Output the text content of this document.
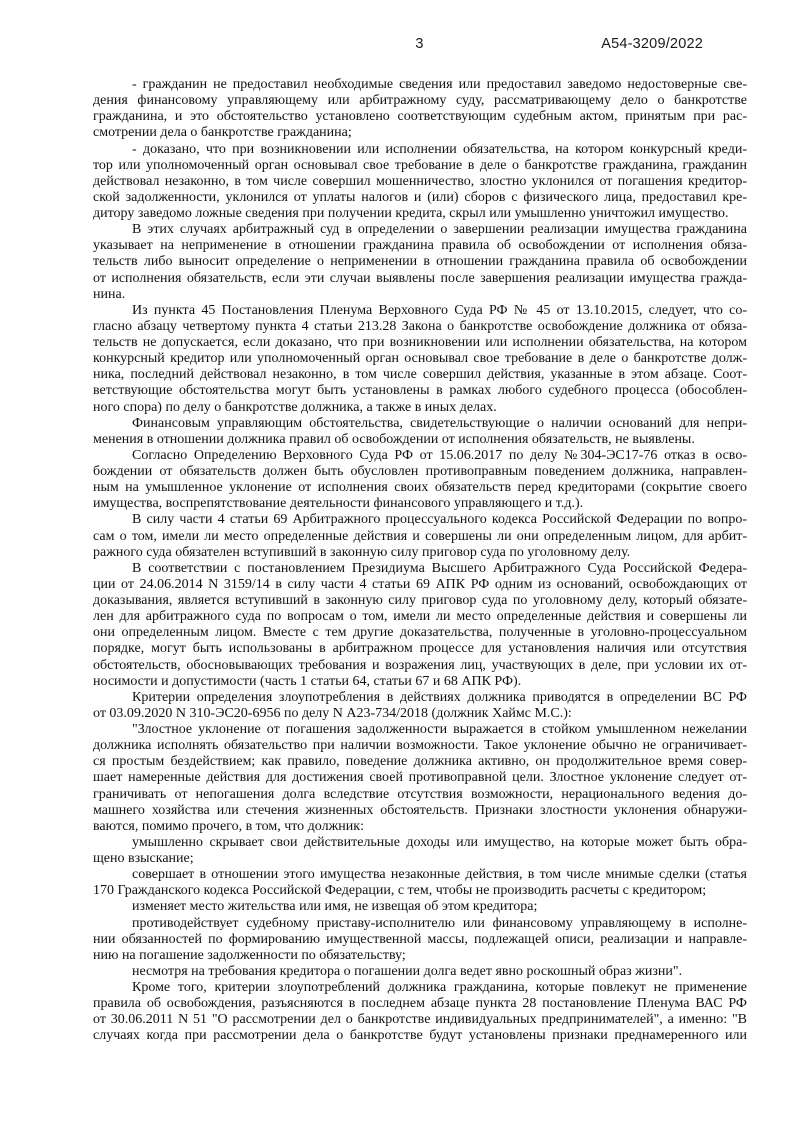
3	А54-3209/2022
- гражданин не предоставил необходимые сведения или предоставил заведомо недостоверные све-
дения финансовому управляющему или арбитражному суду, рассматривающему дело о банкротстве
гражданина, и это обстоятельство установлено соответствующим судебным актом, принятым при рас-
смотрении дела о банкротстве гражданина;
- доказано, что при возникновении или исполнении обязательства, на котором конкурсный креди-
тор или уполномоченный орган основывал свое требование в деле о банкротстве гражданина, гражданин
действовал незаконно, в том числе совершил мошенничество, злостно уклонился от погашения кредитор-
ской задолженности, уклонился от уплаты налогов и (или) сборов с физического лица, предоставил кре-
дитору заведомо ложные сведения при получении кредита, скрыл или умышленно уничтожил имущество.
В этих случаях арбитражный суд в определении о завершении реализации имущества гражданина
указывает на неприменение в отношении гражданина правила об освобождении от исполнения обяза-
тельств либо выносит определение о неприменении в отношении гражданина правила об освобождении
от исполнения обязательств, если эти случаи выявлены после завершения реализации имущества гражда-
нина.
Из пункта 45 Постановления Пленума Верховного Суда РФ № 45 от 13.10.2015, следует, что со-
гласно абзацу четвертому пункта 4 статьи 213.28 Закона о банкротстве освобождение должника от обяза-
тельств не допускается, если доказано, что при возникновении или исполнении обязательства, на котором
конкурсный кредитор или уполномоченный орган основывал свое требование в деле о банкротстве долж-
ника, последний действовал незаконно, в том числе совершил действия, указанные в этом абзаце. Соот-
ветствующие обстоятельства могут быть установлены в рамках любого судебного процесса (обособлен-
ного спора) по делу о банкротстве должника, а также в иных делах.
Финансовым управляющим обстоятельства, свидетельствующие о наличии оснований для непри-
менения в отношении должника правил об освобождении от исполнения обязательств, не выявлены.
Согласно Определению Верховного Суда РФ от 15.06.2017 по делу №304-ЭС17-76 отказ в осво-
бождении от обязательств должен быть обусловлен противоправным поведением должника, направлен-
ным на умышленное уклонение от исполнения своих обязательств перед кредиторами (сокрытие своего
имущества, воспрепятствование деятельности финансового управляющего и т.д.).
В силу части 4 статьи 69 Арбитражного процессуального кодекса Российской Федерации по вопро-
сам о том, имели ли место определенные действия и совершены ли они определенным лицом, для арбит-
ражного суда обязателен вступивший в законную силу приговор суда по уголовному делу.
В соответствии с постановлением Президиума Высшего Арбитражного Суда Российской Федера-
ции от 24.06.2014 N 3159/14 в силу части 4 статьи 69 АПК РФ одним из оснований, освобождающих от
доказывания, является вступивший в законную силу приговор суда по уголовному делу, который обязате-
лен для арбитражного суда по вопросам о том, имели ли место определенные действия и совершены ли
они определенным лицом. Вместе с тем другие доказательства, полученные в уголовно-процессуальном
порядке, могут быть использованы в арбитражном процессе для установления наличия или отсутствия
обстоятельств, обосновывающих требования и возражения лиц, участвующих в деле, при условии их от-
носимости и допустимости (часть 1 статьи 64, статьи 67 и 68 АПК РФ).
Критерии определения злоупотребления в действиях должника приводятся в определении ВС РФ
от 03.09.2020 N 310-ЭС20-6956 по делу N А23-734/2018 (должник Хаймс М.С.):
"Злостное уклонение от погашения задолженности выражается в стойком умышленном нежелании
должника исполнять обязательство при наличии возможности. Такое уклонение обычно не ограничивает-
ся простым бездействием; как правило, поведение должника активно, он продолжительное время совер-
шает намеренные действия для достижения своей противоправной цели. Злостное уклонение следует от-
граничивать от непогашения долга вследствие отсутствия возможности, нерационального ведения до-
машнего хозяйства или стечения жизненных обстоятельств. Признаки злостности уклонения обнаружи-
ваются, помимо прочего, в том, что должник:
умышленно скрывает свои действительные доходы или имущество, на которые может быть обра-
щено взыскание;
совершает в отношении этого имущества незаконные действия, в том числе мнимые сделки (статья
170 Гражданского кодекса Российской Федерации, с тем, чтобы не производить расчеты с кредитором;
изменяет место жительства или имя, не извещая об этом кредитора;
противодействует судебному приставу-исполнителю или финансовому управляющему в исполне-
нии обязанностей по формированию имущественной массы, подлежащей описи, реализации и направле-
нию на погашение задолженности по обязательству;
несмотря на требования кредитора о погашении долга ведет явно роскошный образ жизни".
Кроме того, критерии злоупотреблений должника гражданина, которые повлекут не применение
правила об освобождения, разъясняются в последнем абзаце пункта 28 постановление Пленума ВАС РФ
от 30.06.2011 N 51 "О рассмотрении дел о банкротстве индивидуальных предпринимателей", а именно: "В
случаях когда при рассмотрении дела о банкротстве будут установлены признаки преднамеренного или
